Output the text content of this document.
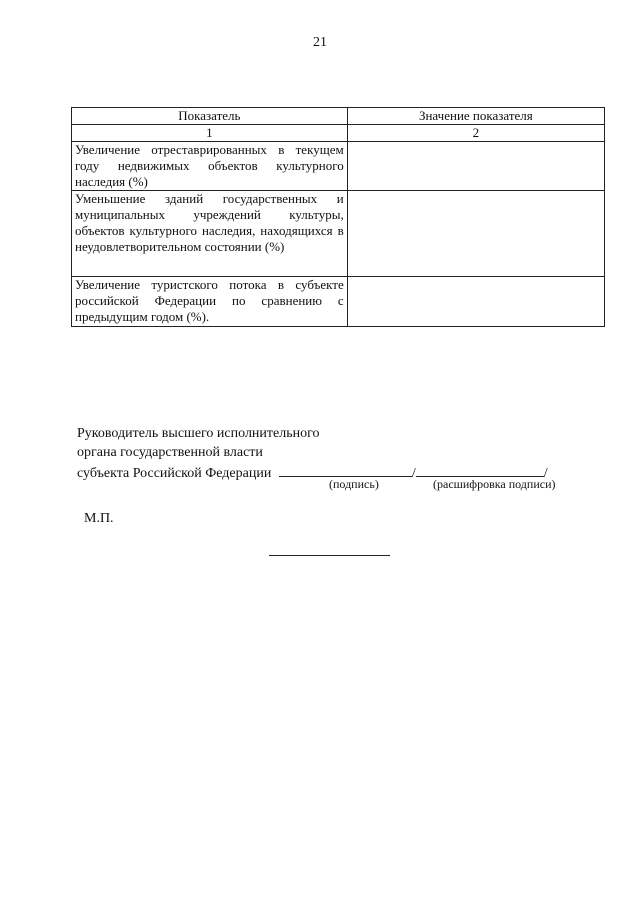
21
Показатель	Значение показателя
1	2
Увеличение отреставрированных в текущем году недвижимых объектов культурного наследия (%)	
Уменьшение зданий государственных и муниципальных учреждений культуры, объектов культурного наследия, находящихся в неудовлетворительном состоянии (%)	
Увеличение туристского потока в субъекте российской Федерации по сравнению с предыдущим годом (%).	
Руководитель высшего исполнительного
органа государственной власти
субъекта Российской Федерации	/	/
(подпись)	(расшифровка подписи)
М.П.
